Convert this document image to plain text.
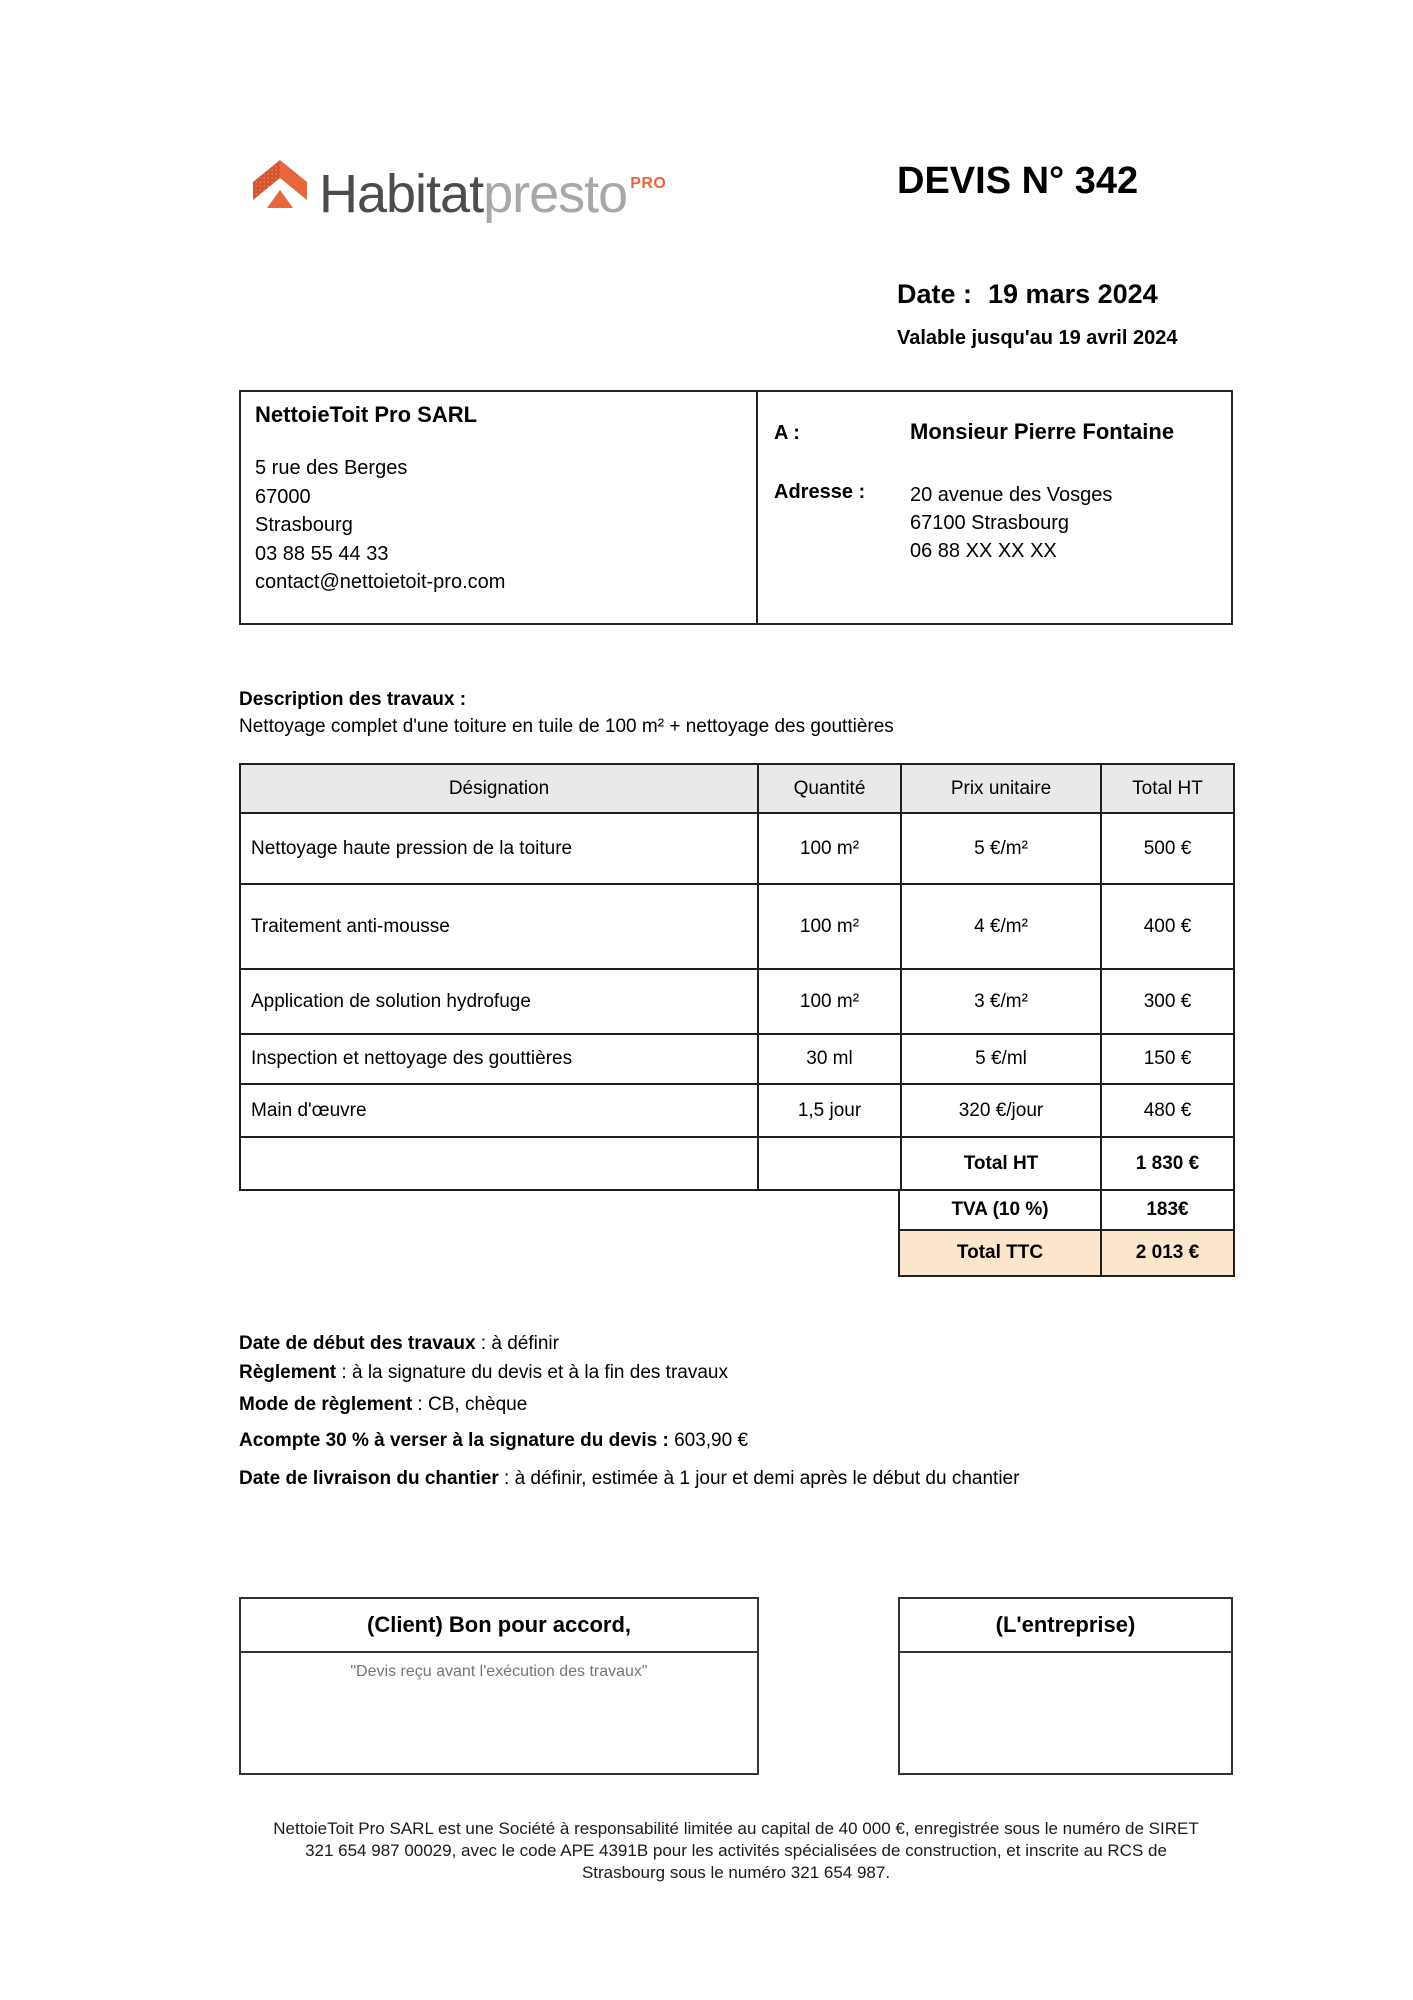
Habitatpresto $^{PRO}$	DEVIS N° 342
Date : 19 mars 2024
Valable jusqu'au 19 avril 2024
NettoieToit Pro SARL
5 rue des Berges
67000
Strasbourg
03 88 55 44 33
contact@nettoietoit-pro.com
A :	Monsieur Pierre Fontaine
Adresse : 20 avenue des Vosges
67100 Strasbourg
06 88 XX XX XX
Description des travaux :
Nettoyage complet d'une toiture en tuile de 100 m² + nettoyage des gouttières
Désignation	Quantité	Prix unitaire	Total HT
Nettoyage haute pression de la toiture	100 m²	5 €/m²	500 €
Traitement anti-mousse	100 m²	4 €/m²	400 €
Application de solution hydrofuge	100 m²	3 €/m²	300 €
Inspection et nettoyage des gouttières	30 ml	5 €/ml	150 €
Main d'œuvre	1,5 jour	320 €/jour	480 €
		Total HT	1 830 €
TVA (10 %)	183€
Total TTC	2 013 €
Date de début des travaux : à définir
Règlement : à la signature du devis et à la fin des travaux
Mode de règlement : CB, chèque
Acompte 30 % à verser à la signature du devis : 603,90 €
Date de livraison du chantier : à définir, estimée à 1 jour et demi après le début du chantier
(Client) Bon pour accord,
"Devis reçu avant l'exécution des travaux"
(L'entreprise)
NettoieToit Pro SARL est une Société à responsabilité limitée au capital de 40 000 €, enregistrée sous le numéro de SIRET
321 654 987 00029, avec le code APE 4391B pour les activités spécialisées de construction, et inscrite au RCS de
Strasbourg sous le numéro 321 654 987.
